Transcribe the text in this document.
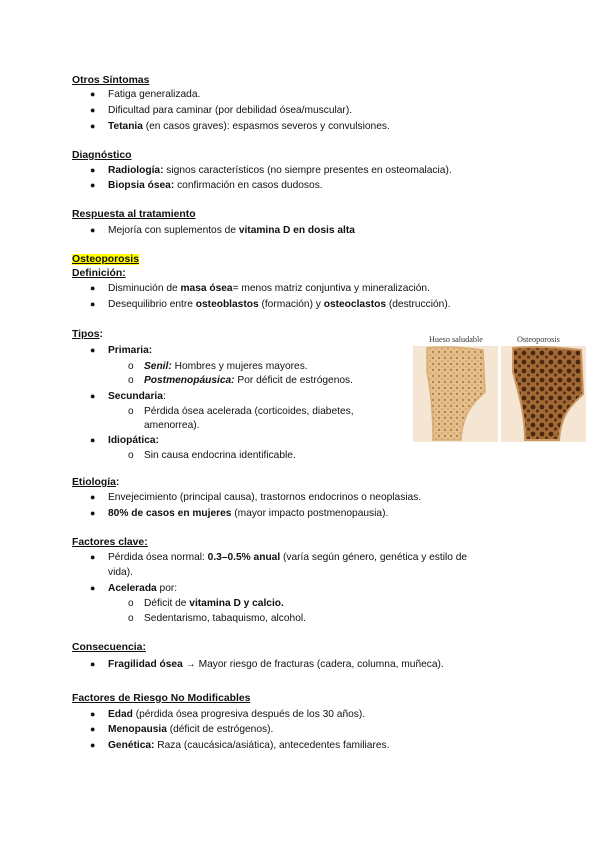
Otros Síntomas
● Fatiga generalizada.
● Dificultad para caminar (por debilidad ósea/muscular).
● Tetania (en casos graves): espasmos severos y convulsiones.
Diagnóstico
● Radiología: signos característicos (no siempre presentes en osteomalacia).
● Biopsia ósea: confirmación en casos dudosos.
Respuesta al tratamiento
● Mejoría con suplementos de vitamina D en dosis alta
Osteoporosis
Definición:
● Disminución de masa ósea= menos matriz conjuntiva y mineralización.
● Desequilibrio entre osteoblastos (formación) y osteoclastos (destrucción).
Tipos:
● Primaria:
o Senil: Hombres y mujeres mayores.
o Postmenopáusica: Por déficit de estrógenos.
● Secundaria:
o Pérdida ósea acelerada (corticoides, diabetes,
amenorrea).
● Idiopática:
o Sin causa endocrina identificable.
Hueso saludable	Osteoporosis
Etiología:
● Envejecimiento (principal causa), trastornos endocrinos o neoplasias.
● 80% de casos en mujeres (mayor impacto postmenopausia).
Factores clave:
● Pérdida ósea normal: 0.3–0.5% anual (varía según género, genética y estilo de
vida).
● Acelerada por:
o Déficit de vitamina D y calcio.
o Sedentarismo, tabaquismo, alcohol.
Consecuencia:
● Fragilidad ósea → Mayor riesgo de fracturas (cadera, columna, muñeca).
Factores de Riesgo No Modificables
● Edad (pérdida ósea progresiva después de los 30 años).
● Menopausia (déficit de estrógenos).
● Genética: Raza (caucásica/asiática), antecedentes familiares.
